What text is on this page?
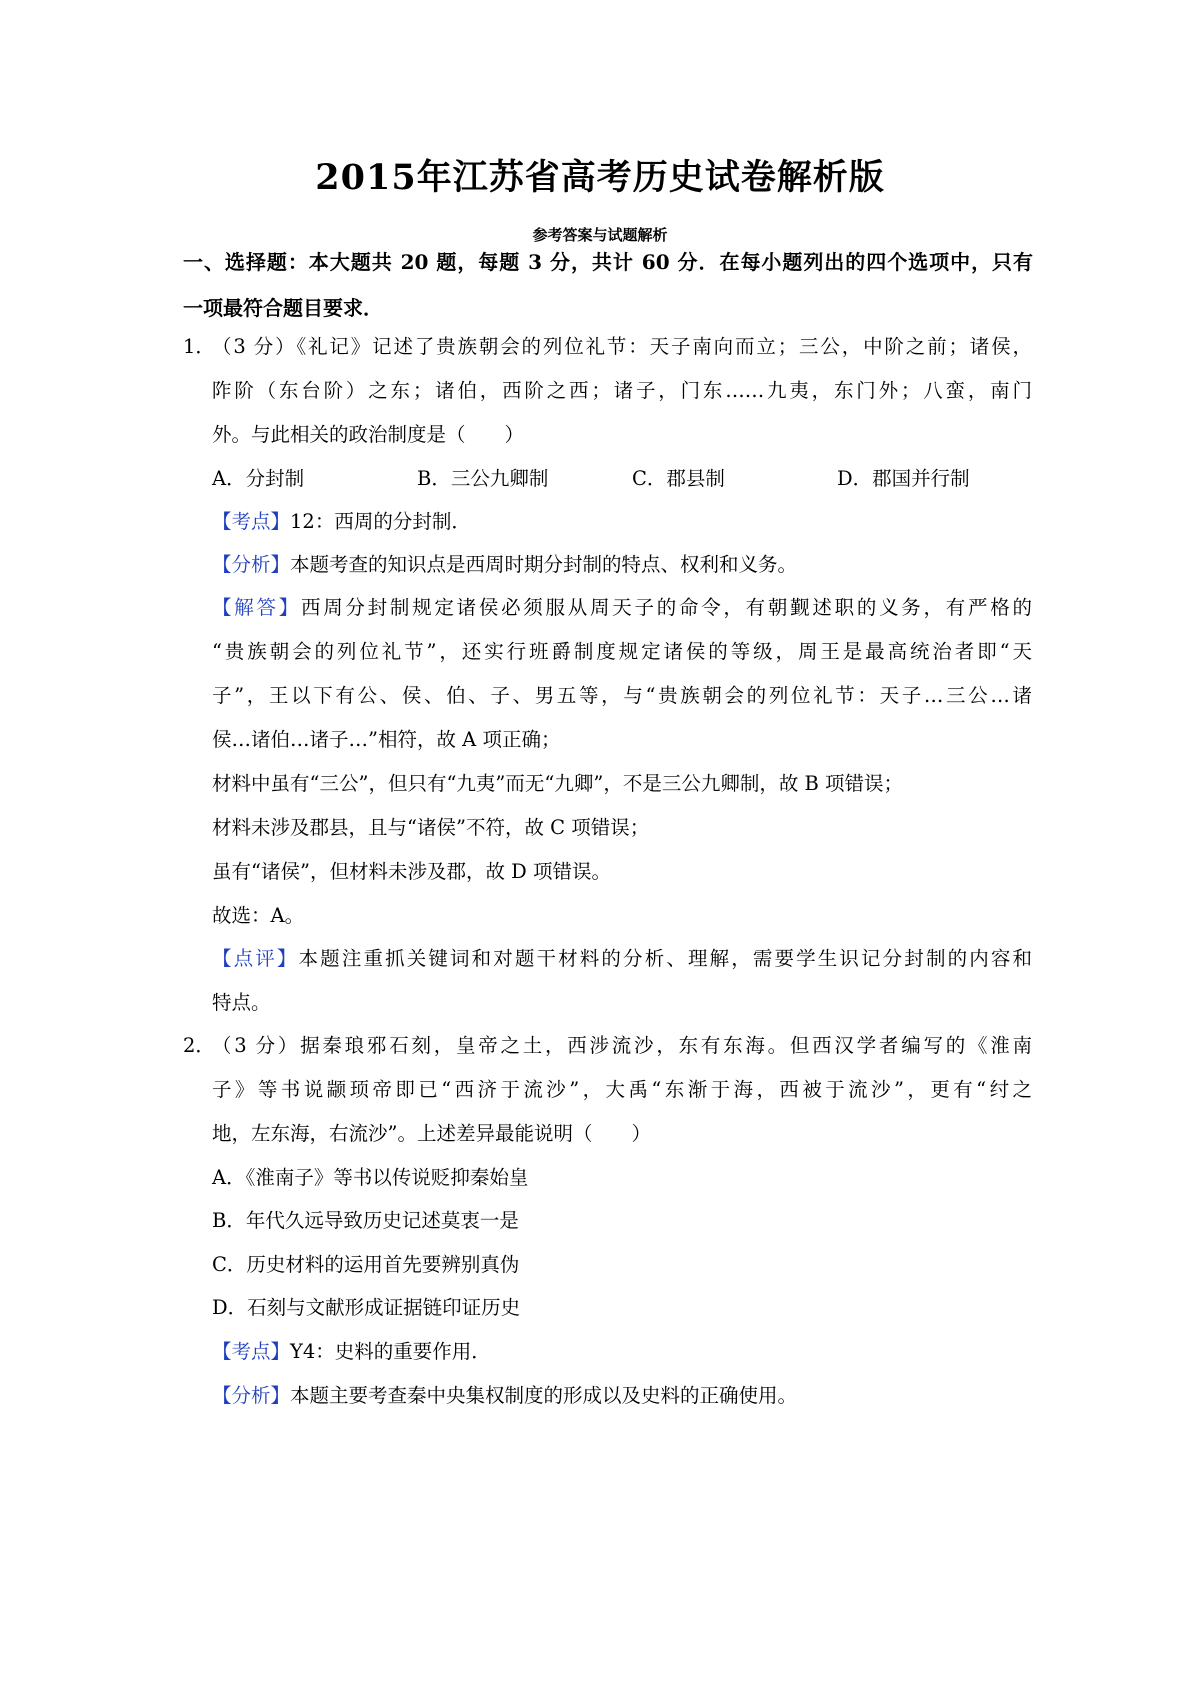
2015年江苏省高考历史试卷解析版
参考答案与试题解析
一、选择题：本大题共 20 题，每题 3 分，共计 60 分．在每小题列出的四个选项中，只有
一项最符合题目要求．
1．
（3 分）《礼记》记述了贵族朝会的列位礼节：天子南向而立；三公，中阶之前；诸侯，
阼阶（东台阶）之东；诸伯，西阶之西；诸子，门东……九夷，东门外；八蛮，南门
外。与此相关的政治制度是（　　）
A．分封制	B．三公九卿制	C．郡县制	D．郡国并行制
【考点】12：西周的分封制．
【分析】本题考查的知识点是西周时期分封制的特点、权利和义务。
【解答】西周分封制规定诸侯必须服从周天子的命令，有朝觐述职的义务，有严格的
“贵族朝会的列位礼节”，还实行班爵制度规定诸侯的等级，周王是最高统治者即“天
子”，王以下有公、侯、伯、子、男五等，与“贵族朝会的列位礼节：天子…三公…诸
侯…诸伯…诸子…”相符，故 A 项正确；
材料中虽有“三公”，但只有“九夷”而无“九卿”，不是三公九卿制，故 B 项错误；
材料未涉及郡县，且与“诸侯”不符，故 C 项错误；
虽有“诸侯”，但材料未涉及郡，故 D 项错误。
故选：A。
【点评】本题注重抓关键词和对题干材料的分析、理解，需要学生识记分封制的内容和
特点。
2．
（3 分）据秦琅邪石刻，皇帝之土，西涉流沙，东有东海。但西汉学者编写的《淮南
子》等书说颛顼帝即已“西济于流沙”，大禹“东渐于海，西被于流沙”，更有“纣之
地，左东海，右流沙”。上述差异最能说明（　　）
A．《淮南子》等书以传说贬抑秦始皇
B．年代久远导致历史记述莫衷一是
C．历史材料的运用首先要辨别真伪
D．石刻与文献形成证据链印证历史
【考点】Y4：史料的重要作用．
【分析】本题主要考查秦中央集权制度的形成以及史料的正确使用。
